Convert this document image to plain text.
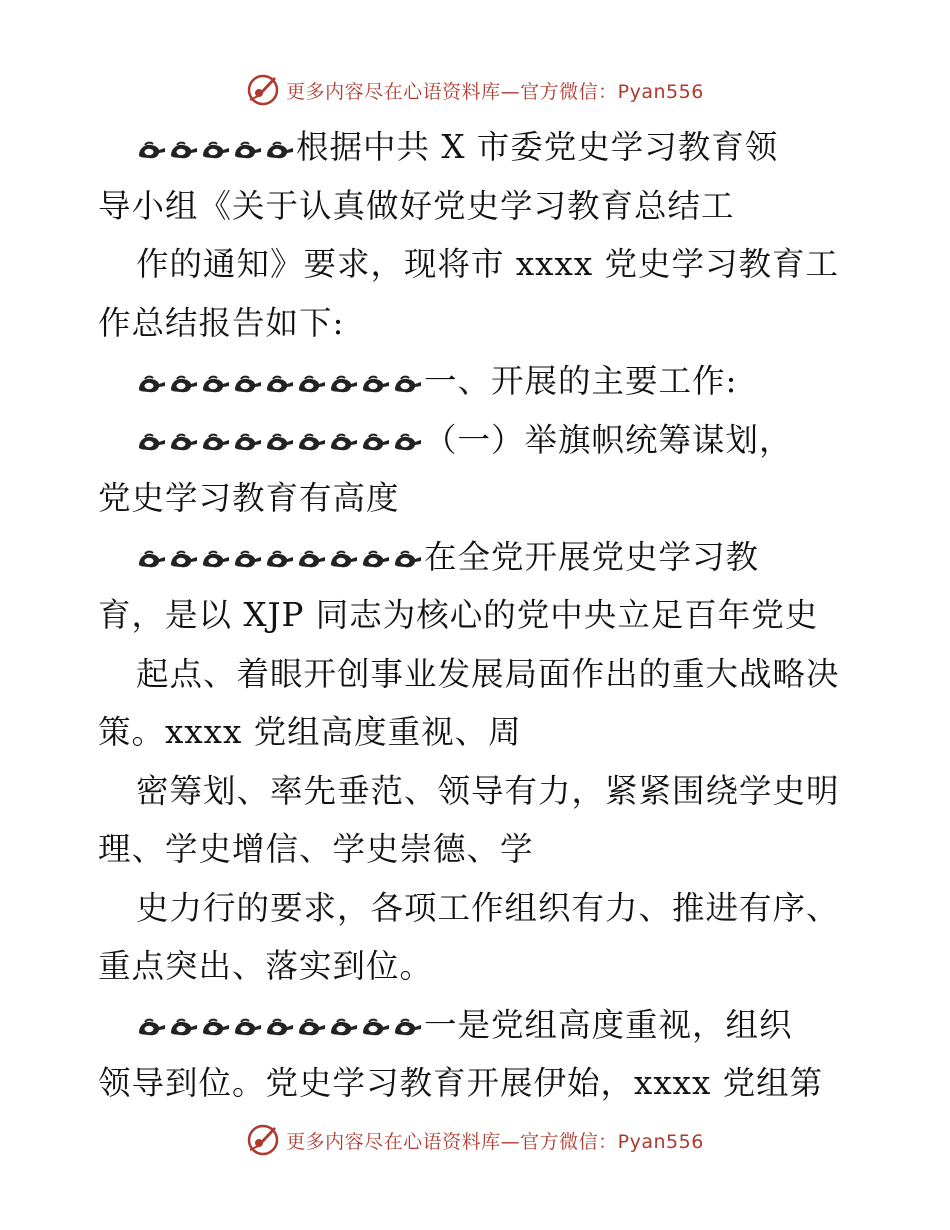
更多内容尽在心语资料库—官方微信：Pyan556
根据中共 X 市委党史学习教育领
导小组《关于认真做好党史学习教育总结工
作的通知》要求，现将市 xxxx 党史学习教育工
作总结报告如下:
一、开展的主要工作:
（一）举旗帜统筹谋划，
党史学习教育有高度
在全党开展党史学习教
育，是以 XJP 同志为核心的党中央立足百年党史
起点、着眼开创事业发展局面作出的重大战略决
策。xxxx 党组高度重视、周
密筹划、率先垂范、领导有力，紧紧围绕学史明
理、学史增信、学史崇德、学
史力行的要求，各项工作组织有力、推进有序、
重点突出、落实到位。
一是党组高度重视，组织
领导到位。党史学习教育开展伊始，xxxx 党组第
更多内容尽在心语资料库—官方微信：Pyan556
